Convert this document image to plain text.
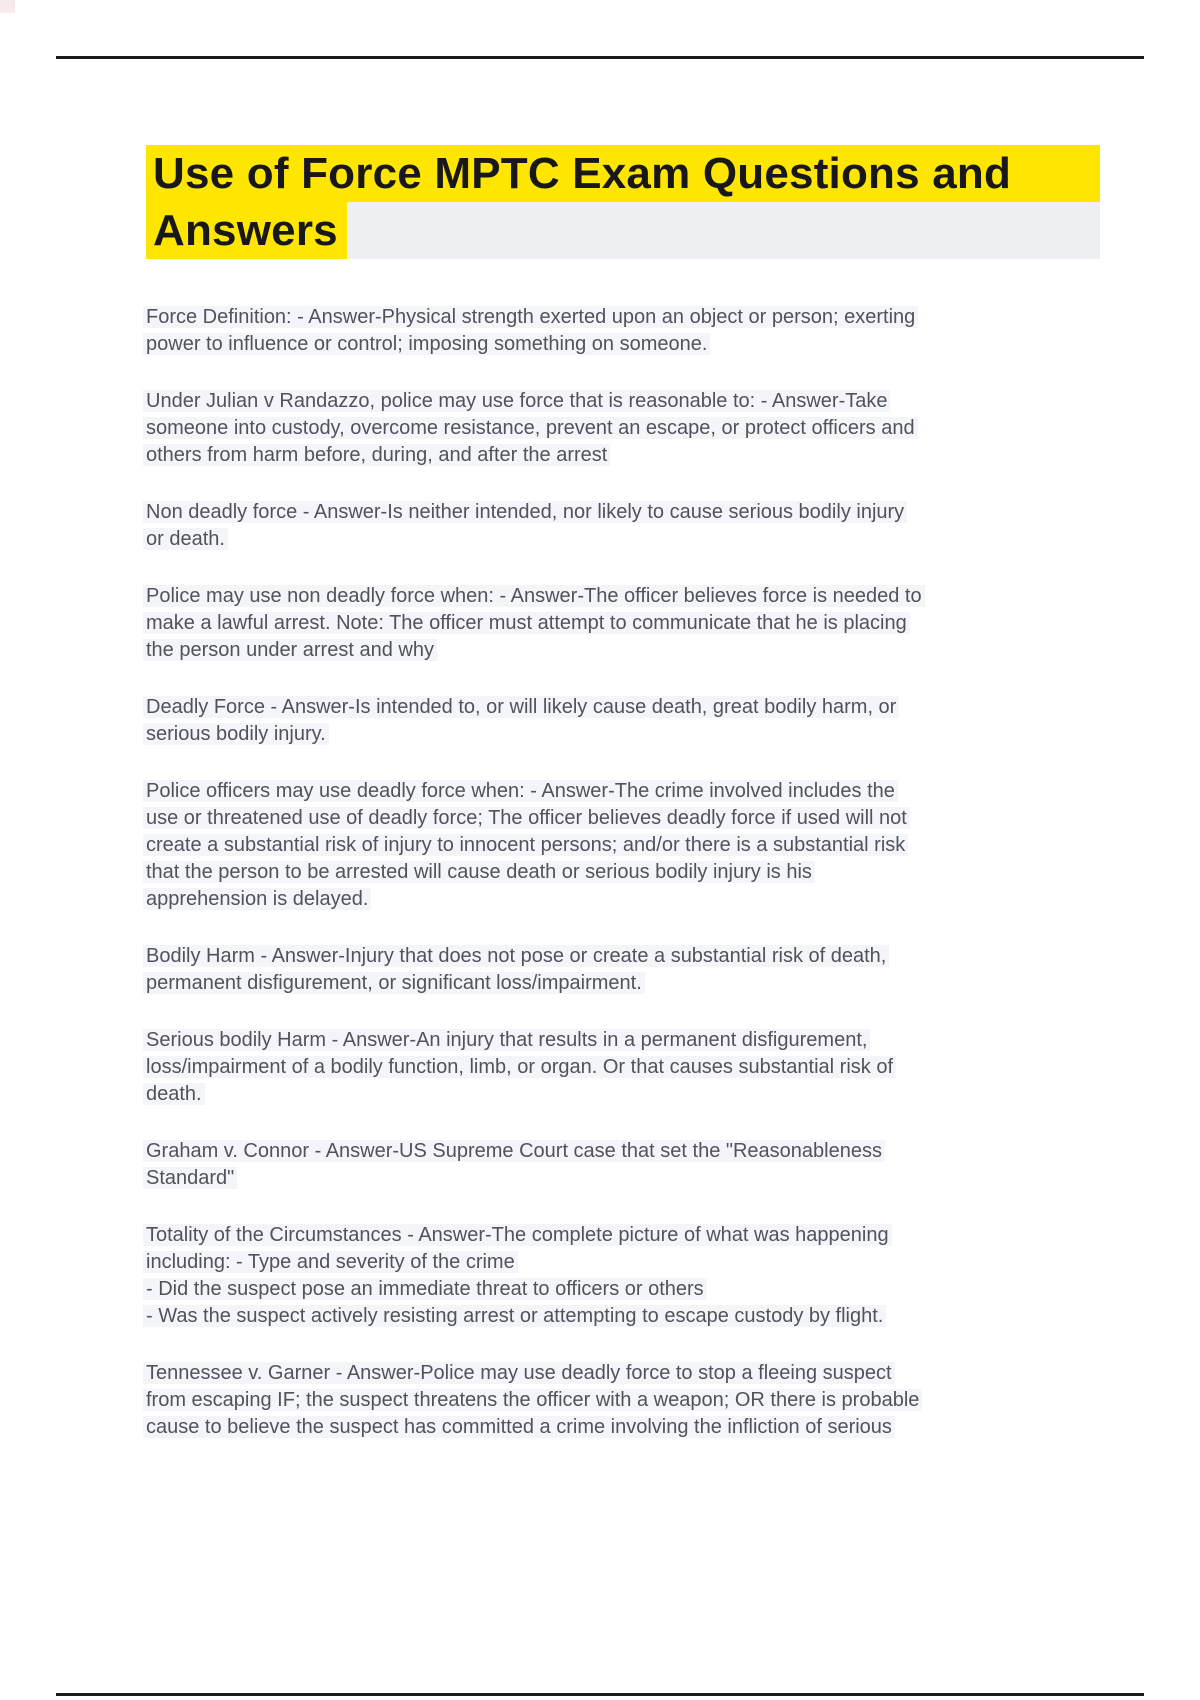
Use of Force MPTC Exam Questions and
Answers

Force Definition: - Answer-Physical strength exerted upon an object or person; exerting
power to influence or control; imposing something on someone.

Under Julian v Randazzo, police may use force that is reasonable to: - Answer-Take
someone into custody, overcome resistance, prevent an escape, or protect officers and
others from harm before, during, and after the arrest

Non deadly force - Answer-Is neither intended, nor likely to cause serious bodily injury
or death.

Police may use non deadly force when: - Answer-The officer believes force is needed to
make a lawful arrest. Note: The officer must attempt to communicate that he is placing
the person under arrest and why

Deadly Force - Answer-Is intended to, or will likely cause death, great bodily harm, or
serious bodily injury.

Police officers may use deadly force when: - Answer-The crime involved includes the
use or threatened use of deadly force; The officer believes deadly force if used will not
create a substantial risk of injury to innocent persons; and/or there is a substantial risk
that the person to be arrested will cause death or serious bodily injury is his
apprehension is delayed.

Bodily Harm - Answer-Injury that does not pose or create a substantial risk of death,
permanent disfigurement, or significant loss/impairment.

Serious bodily Harm - Answer-An injury that results in a permanent disfigurement,
loss/impairment of a bodily function, limb, or organ. Or that causes substantial risk of
death.

Graham v. Connor - Answer-US Supreme Court case that set the "Reasonableness
Standard"

Totality of the Circumstances - Answer-The complete picture of what was happening
including: - Type and severity of the crime
- Did the suspect pose an immediate threat to officers or others
- Was the suspect actively resisting arrest or attempting to escape custody by flight.

Tennessee v. Garner - Answer-Police may use deadly force to stop a fleeing suspect
from escaping IF; the suspect threatens the officer with a weapon; OR there is probable
cause to believe the suspect has committed a crime involving the infliction of serious
